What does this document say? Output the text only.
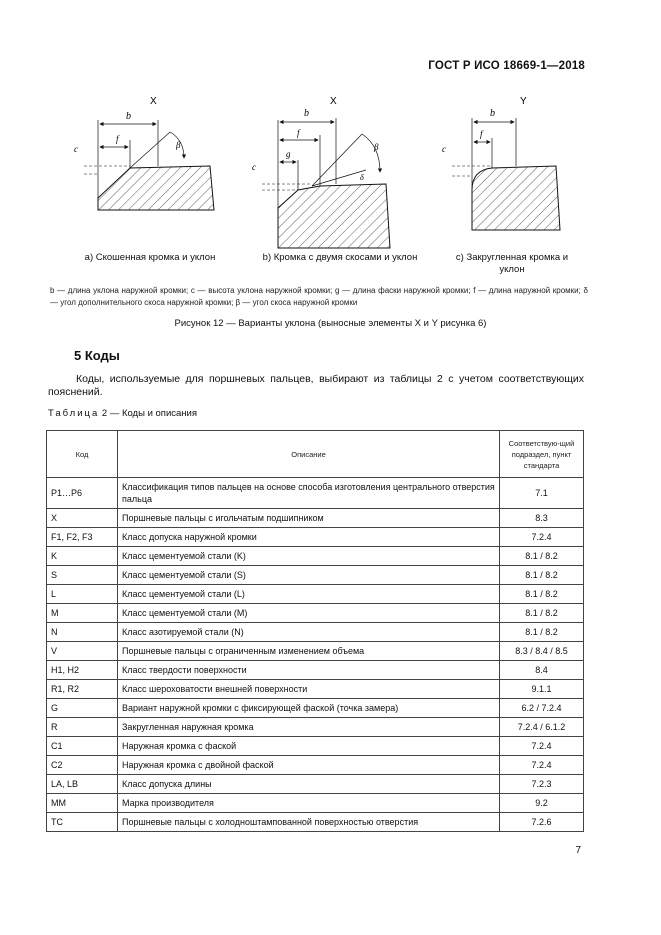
ГОСТ Р ИСО 18669-1—2018
X
b
f
c	β
X
b
f
g
c
β
δ
Y
b
f
c
а) Скошенная кромка и уклон	b) Кромка с двумя скосами и уклон	c) Закругленная кромка и уклон
b — длина уклона наружной кромки; c — высота уклона наружной кромки; g — длина фаски наружной кромки; f — длина наружной кромки; δ — угол дополнительного скоса наружной кромки; β — угол скоса наружной кромки
Рисунок 12 — Варианты уклона (выносные элементы X и Y рисунка 6)
5 Коды
Коды, используемые для поршневых пальцев, выбирают из таблицы 2 с учетом соответствующих пояснений.
Таблица 2 — Коды и описания
Код	Описание	Соответствую-щий подраздел, пункт стандарта
P1…P6	Классификация типов пальцев на основе способа изготовления центрального отверстия пальца	7.1
X	Поршневые пальцы с игольчатым подшипником	8.3
F1, F2, F3	Класс допуска наружной кромки	7.2.4
K	Класс цементуемой стали (K)	8.1 / 8.2
S	Класс цементуемой стали (S)	8.1 / 8.2
L	Класс цементуемой стали (L)	8.1 / 8.2
M	Класс цементуемой стали (M)	8.1 / 8.2
N	Класс азотируемой стали (N)	8.1 / 8.2
V	Поршневые пальцы с ограниченным изменением объема	8.3 / 8.4 / 8.5
H1, H2	Класс твердости поверхности	8.4
R1, R2	Класс шероховатости внешней поверхности	9.1.1
G	Вариант наружной кромки с фиксирующей фаской (точка замера)	6.2 / 7.2.4
R	Закругленная наружная кромка	7.2.4 / 6.1.2
C1	Наружная кромка с фаской	7.2.4
C2	Наружная кромка с двойной фаской	7.2.4
LA, LB	Класс допуска длины	7.2.3
MM	Марка производителя	9.2
TC	Поршневые пальцы с холодноштампованной поверхностью отверстия	7.2.6
7
